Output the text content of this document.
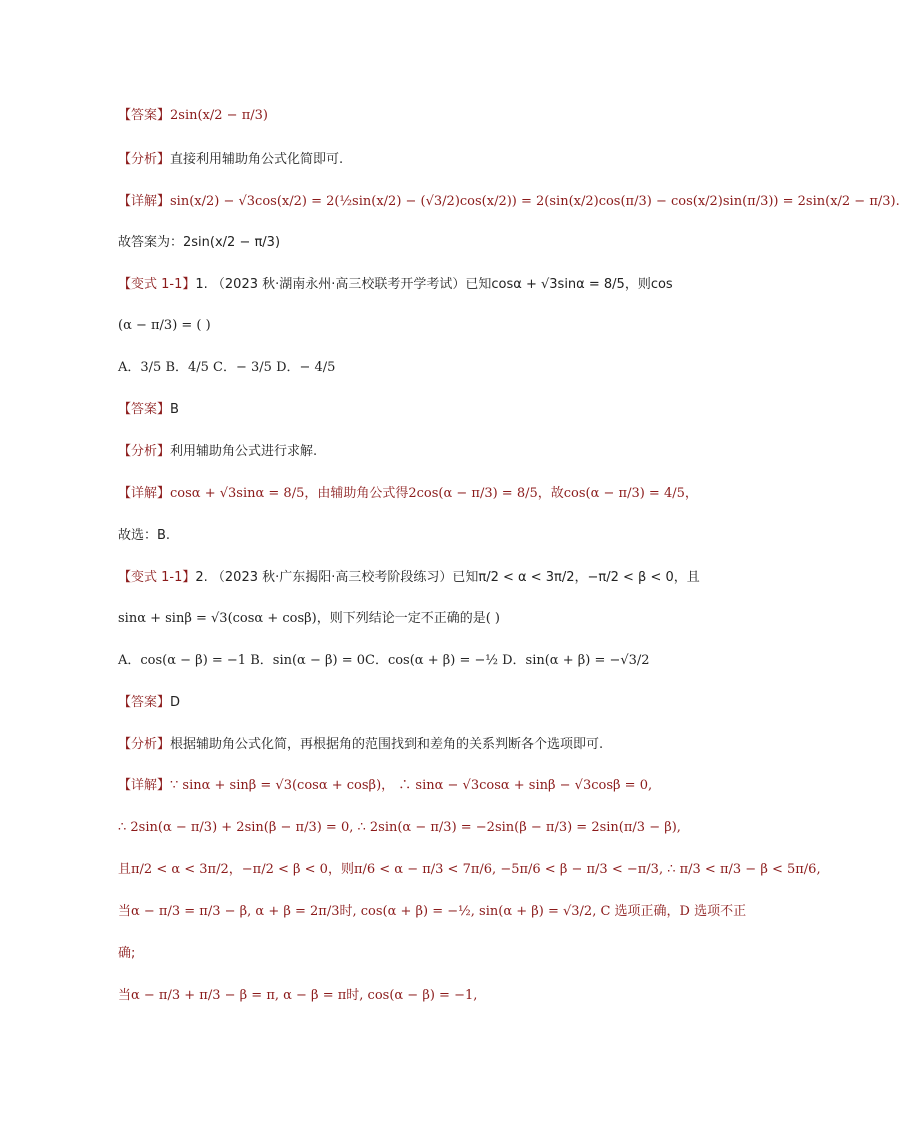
【答案】2sin(x/2 − π/3)
【分析】直接利用辅助角公式化简即可.
【详解】sin(x/2) − √3cos(x/2) = 2(½sin(x/2) − (√3/2)cos(x/2)) = 2(sin(x/2)cos(π/3) − cos(x/2)sin(π/3)) = 2sin(x/2 − π/3).
故答案为：2sin(x/2 − π/3)
【变式 1-1】1. （2023 秋·湖南永州·高三校联考开学考试）已知cosα + √3sinα = 8/5，则cos
(α − π/3) = ( )
A．3/5 B．4/5 C．− 3/5 D．− 4/5
【答案】B
【分析】利用辅助角公式进行求解.
【详解】cosα + √3sinα = 8/5，由辅助角公式得2cos(α − π/3) = 8/5，故cos(α − π/3) = 4/5，
故选：B.
【变式 1-1】2. （2023 秋·广东揭阳·高三校考阶段练习）已知π/2 < α < 3π/2，−π/2 < β < 0，且
sinα + sinβ = √3(cosα + cosβ)，则下列结论一定不正确的是( )
A．cos(α − β) = −1 B．sin(α − β) = 0C．cos(α + β) = −½ D．sin(α + β) = −√3/2
【答案】D
【分析】根据辅助角公式化简，再根据角的范围找到和差角的关系判断各个选项即可.
【详解】∵ sinα + sinβ = √3(cosα + cosβ)， ∴ sinα − √3cosα + sinβ − √3cosβ = 0,
∴ 2sin(α − π/3) + 2sin(β − π/3) = 0, ∴ 2sin(α − π/3) = −2sin(β − π/3) = 2sin(π/3 − β),
且π/2 < α < 3π/2，−π/2 < β < 0，则π/6 < α − π/3 < 7π/6, −5π/6 < β − π/3 < −π/3, ∴ π/3 < π/3 − β < 5π/6,
当α − π/3 = π/3 − β, α + β = 2π/3时, cos(α + β) = −½, sin(α + β) = √3/2, C 选项正确，D 选项不正
确;
当α − π/3 + π/3 − β = π, α − β = π时, cos(α − β) = −1,
